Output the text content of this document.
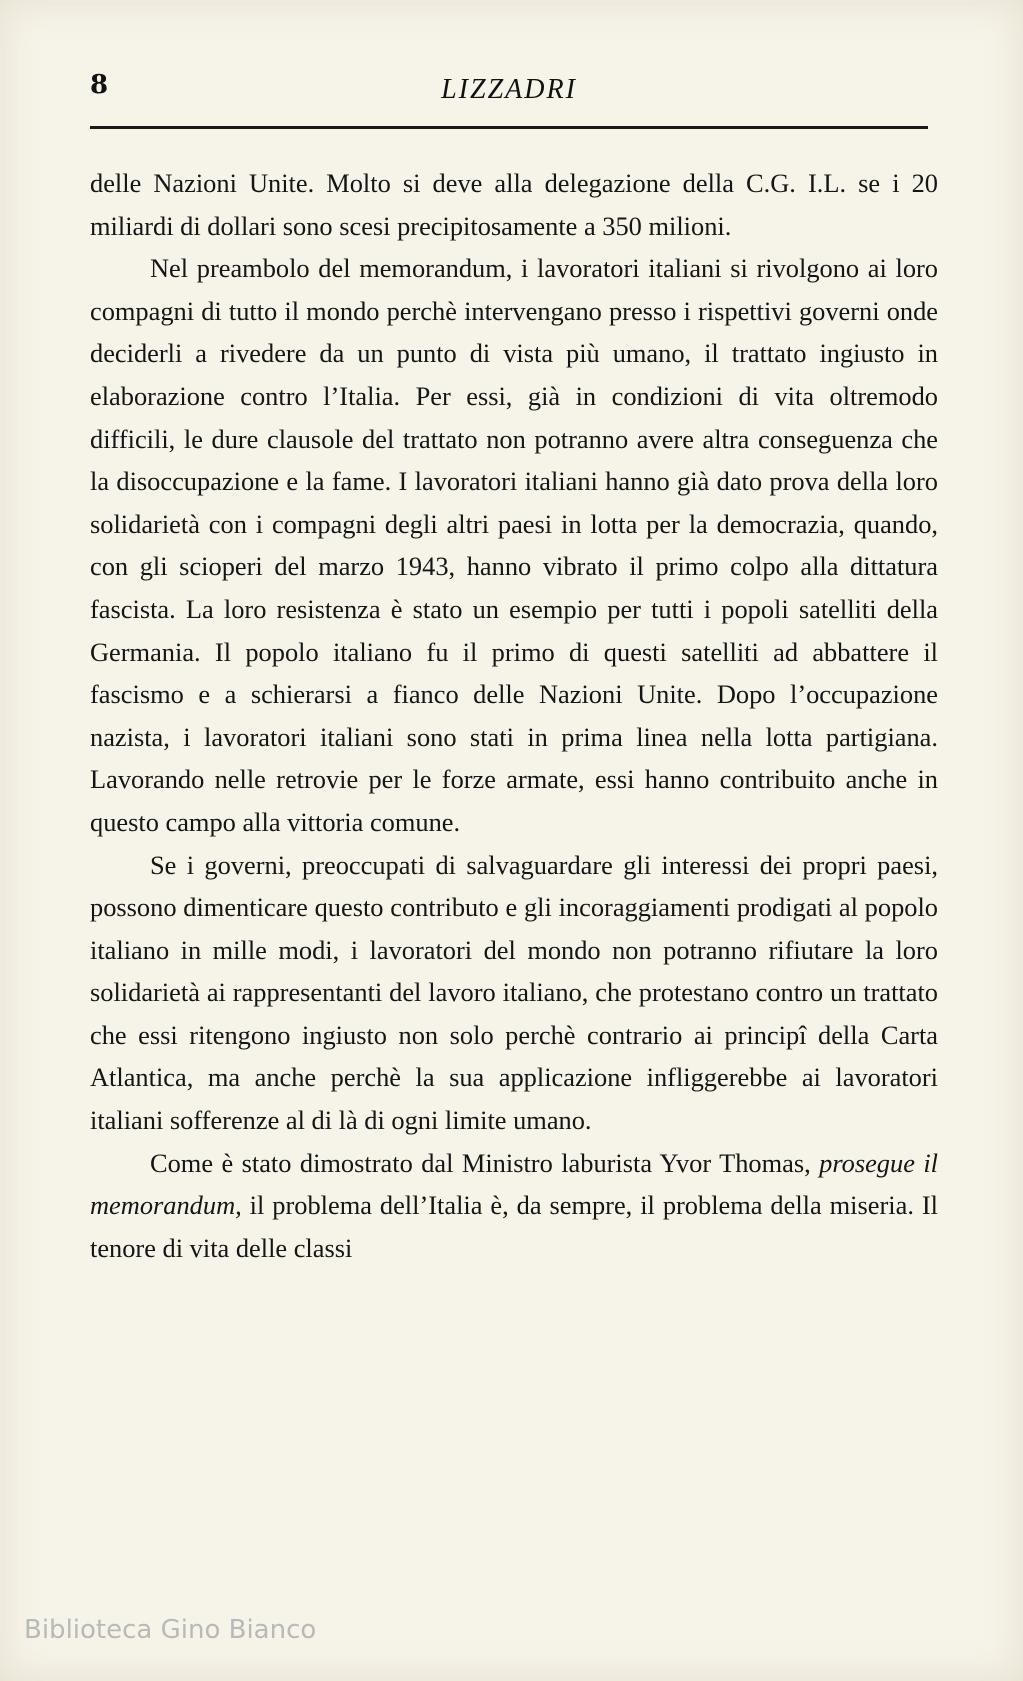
8	LIZZADRI

delle Nazioni Unite. Molto si deve alla delegazione della C.G. I.L. se i 20 miliardi di dollari sono scesi precipitosamente a 350 milioni.

Nel preambolo del memorandum, i lavoratori italiani si rivolgono ai loro compagni di tutto il mondo perchè intervengano presso i rispettivi governi onde deciderli a rivedere da un punto di vista più umano, il trattato ingiusto in elaborazione contro l’Italia. Per essi, già in condizioni di vita oltremodo difficili, le dure clausole del trattato non potranno avere altra conseguenza che la disoccupazione e la fame. I lavoratori italiani hanno già dato prova della loro solidarietà con i compagni degli altri paesi in lotta per la democrazia, quando, con gli scioperi del marzo 1943, hanno vibrato il primo colpo alla dittatura fascista. La loro resistenza è stato un esempio per tutti i popoli satelliti della Germania. Il popolo italiano fu il primo di questi satelliti ad abbattere il fascismo e a schierarsi a fianco delle Nazioni Unite. Dopo l’occupazione nazista, i lavoratori italiani sono stati in prima linea nella lotta partigiana. Lavorando nelle retrovie per le forze armate, essi hanno contribuito anche in questo campo alla vittoria comune.

Se i governi, preoccupati di salvaguardare gli interessi dei propri paesi, possono dimenticare questo contributo e gli incoraggiamenti prodigati al popolo italiano in mille modi, i lavoratori del mondo non potranno rifiutare la loro solidarietà ai rappresentanti del lavoro italiano, che protestano contro un trattato che essi ritengono ingiusto non solo perchè contrario ai principî della Carta Atlantica, ma anche perchè la sua applicazione infliggerebbe ai lavoratori italiani sofferenze al di là di ogni limite umano.

Come è stato dimostrato dal Ministro laburista Yvor Thomas, prosegue il memorandum, il problema dell’Italia è, da sempre, il problema della miseria. Il tenore di vita delle classi

Biblioteca Gino Bianco
